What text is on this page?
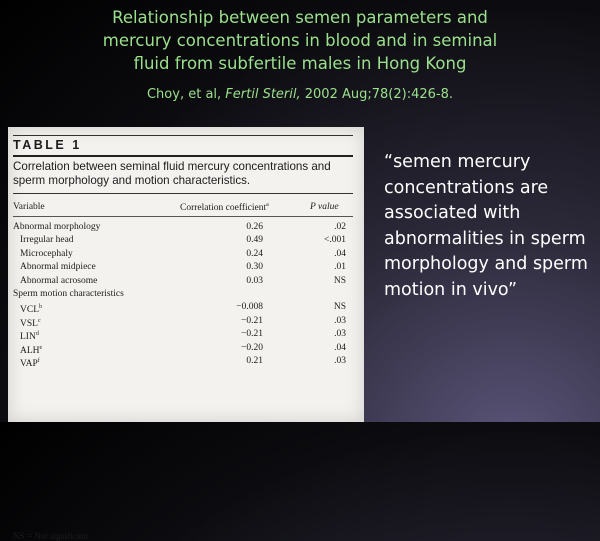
Relationship between semen parameters and
mercury concentrations in blood and in seminal
fluid from subfertile males in Hong Kong
Choy, et al, Fertil Steril, 2002 Aug;78(2):426-8.
TABLE 1
Correlation between seminal fluid mercury concentrations and sperm morphology and motion characteristics.
Variable	Correlation coefficient$^a$	P value
Abnormal morphology	0.26	.02
Irregular head	0.49	<.001
Microcephaly	0.24	.04
Abnormal midpiece	0.30	.01
Abnormal acrosome	0.03	NS
Sperm motion characteristics
$VCL^b$	−0.008	NS
$VSL^c$	−0.21	.03
$LIN^d$	−0.21	.03
$ALH^e$	−0.20	.04
VAP$^f$	0.21	.03
NS = Not significant.
“semen mercury concentrations are associated with abnormalities in sperm morphology and sperm motion in vivo”
